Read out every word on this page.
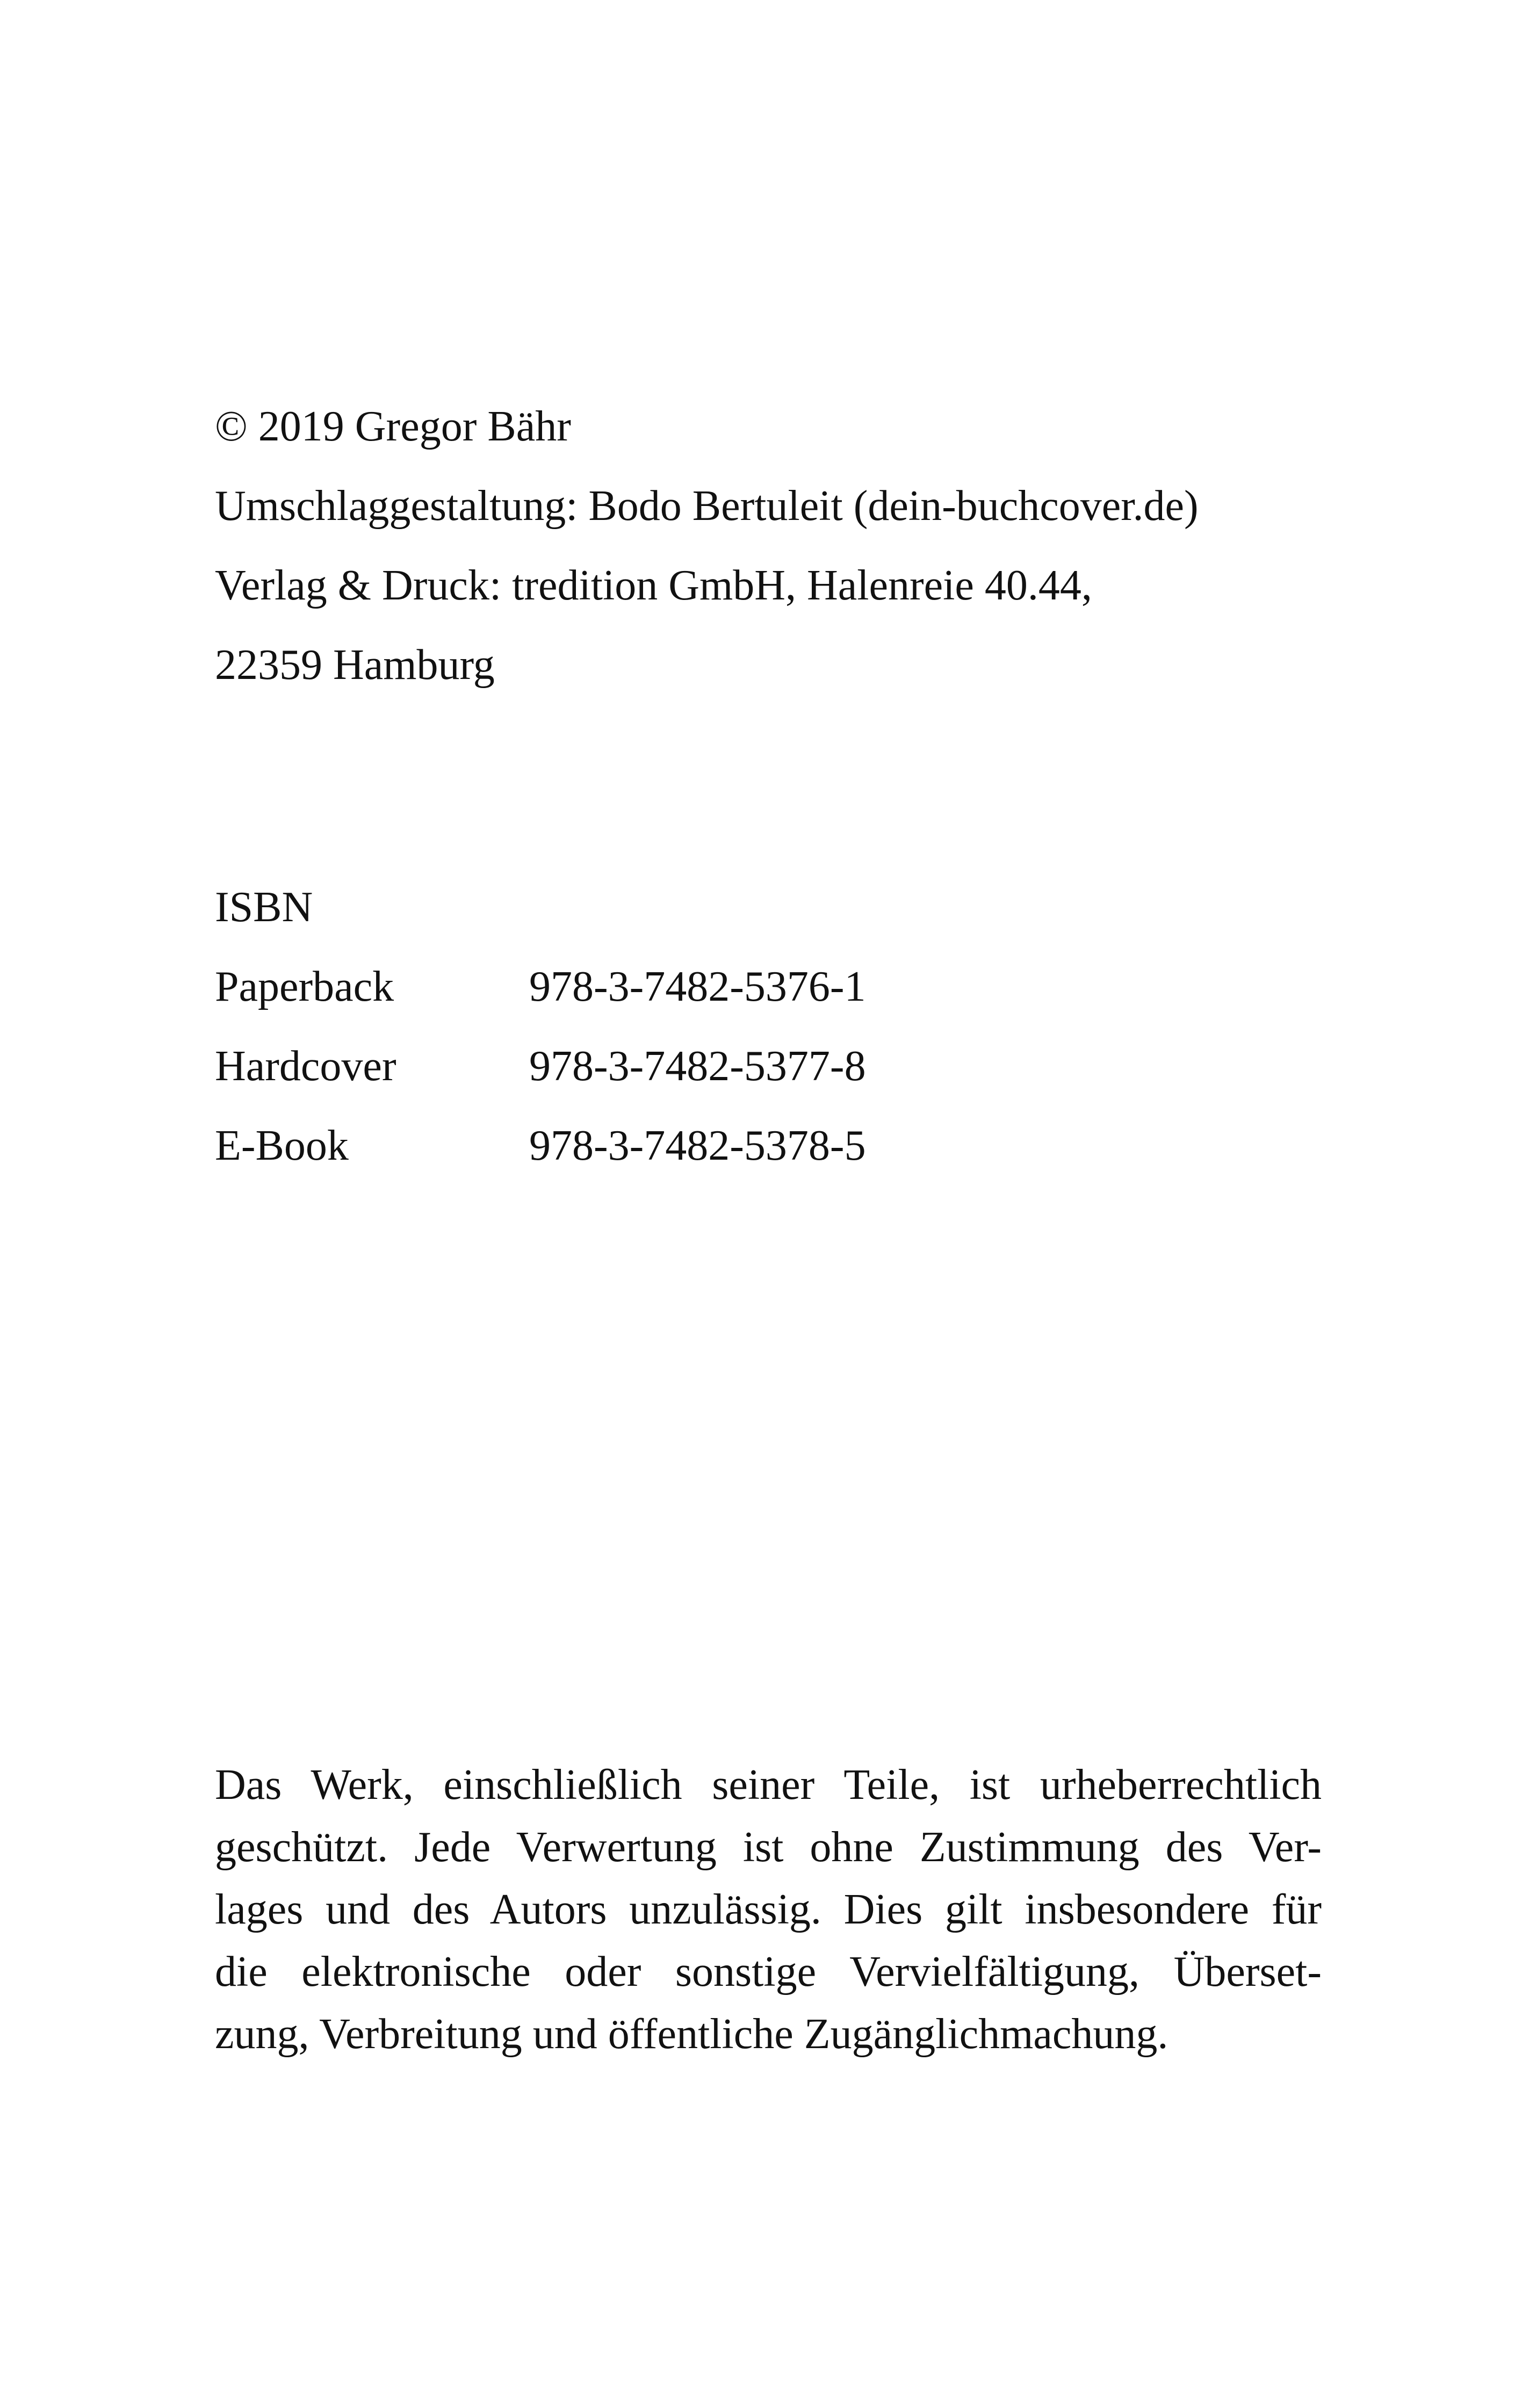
© 2019 Gregor Bähr
Umschlaggestaltung: Bodo Bertuleit (dein-buchcover.de)
Verlag & Druck: tredition GmbH, Halenreie 40.44,
22359 Hamburg
ISBN
Paperback	978-3-7482-5376-1
Hardcover	978-3-7482-5377-8
E-Book	978-3-7482-5378-5
Das Werk, einschließlich seiner Teile, ist urheberrechtlich
geschützt. Jede Verwertung ist ohne Zustimmung des Ver-
lages und des Autors unzulässig. Dies gilt insbesondere für
die elektronische oder sonstige Vervielfältigung, Überset-
zung, Verbreitung und öffentliche Zugänglichmachung.
